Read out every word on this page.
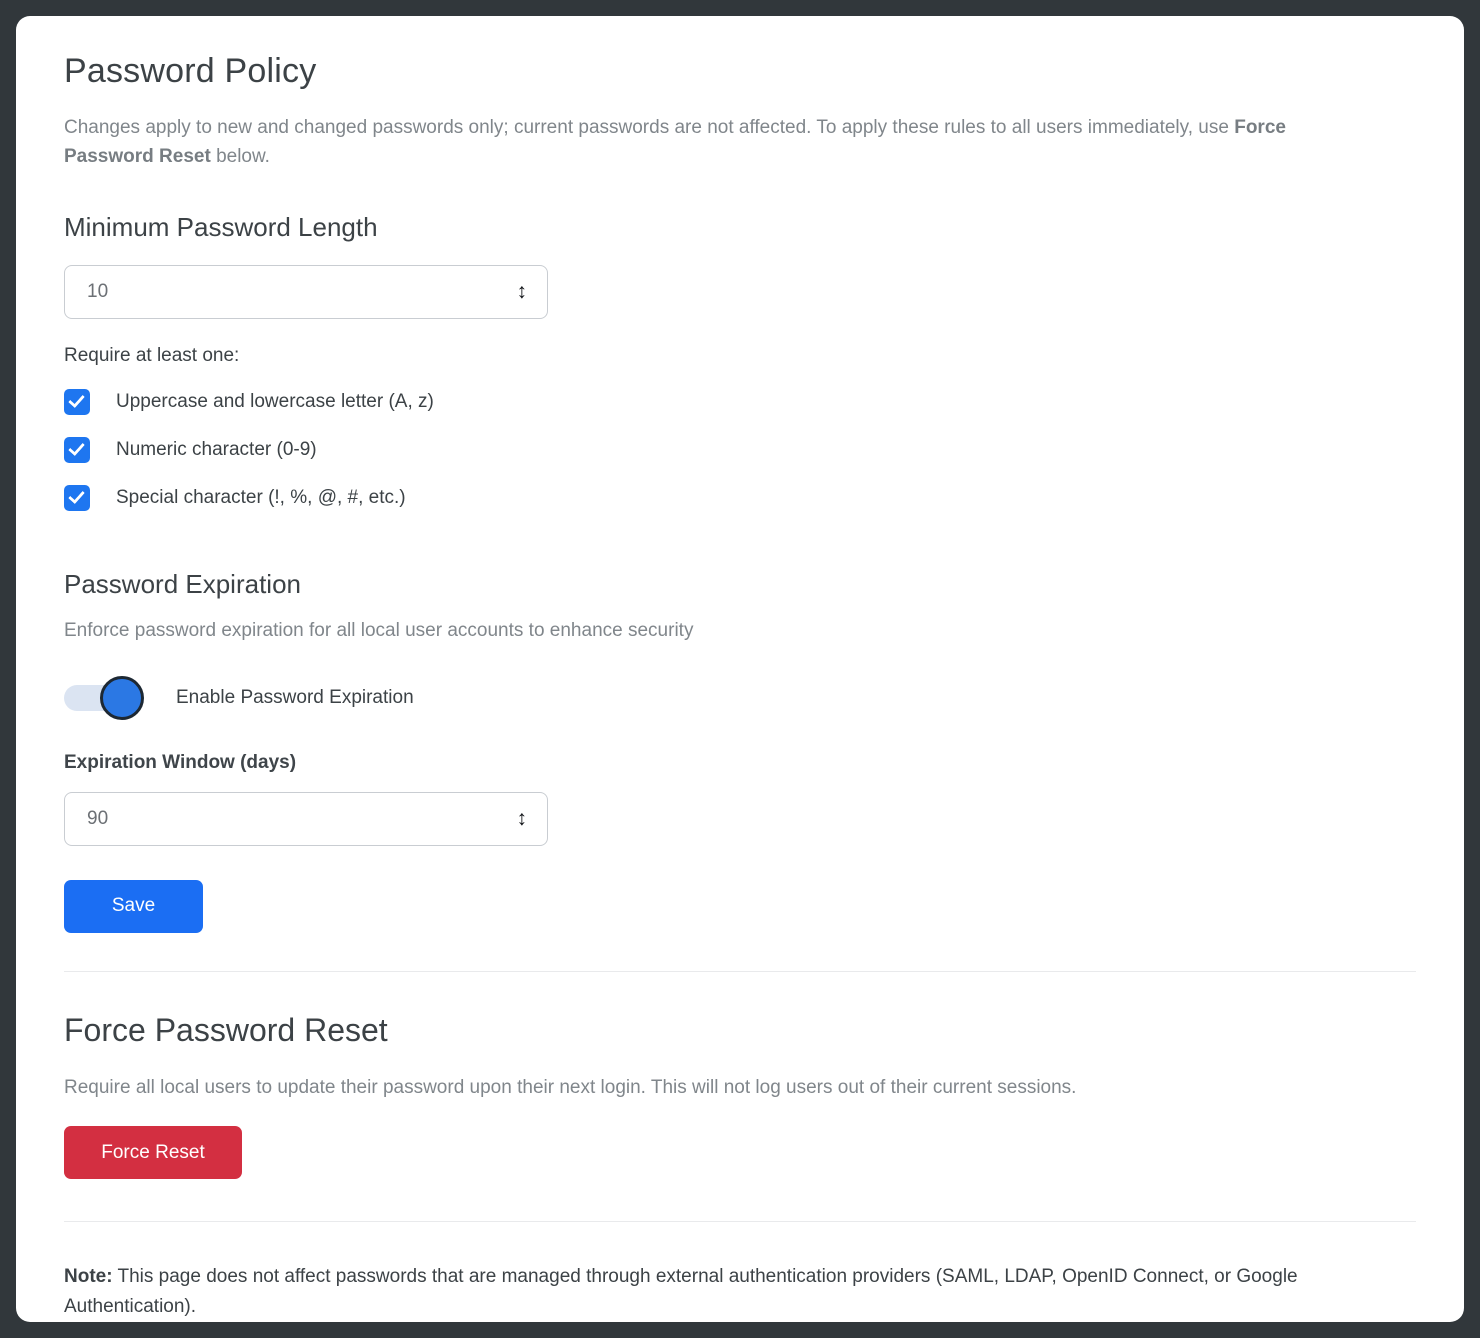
Password Policy

Changes apply to new and changed passwords only; current passwords are not affected. To apply these rules to all users immediately, use Force Password Reset below.

Minimum Password Length
10	↕
Require at least one:
Uppercase and lowercase letter (A, z)
Numeric character (0-9)
Special character (!, %, @, #, etc.)
Password Expiration

Enforce password expiration for all local user accounts to enhance security

Enable Password Expiration
Expiration Window (days)
90	↕
Save
Force Password Reset

Require all local users to update their password upon their next login. This will not log users out of their current sessions.

Force Reset

Note: This page does not affect passwords that are managed through external authentication providers (SAML, LDAP, OpenID Connect, or Google Authentication).
